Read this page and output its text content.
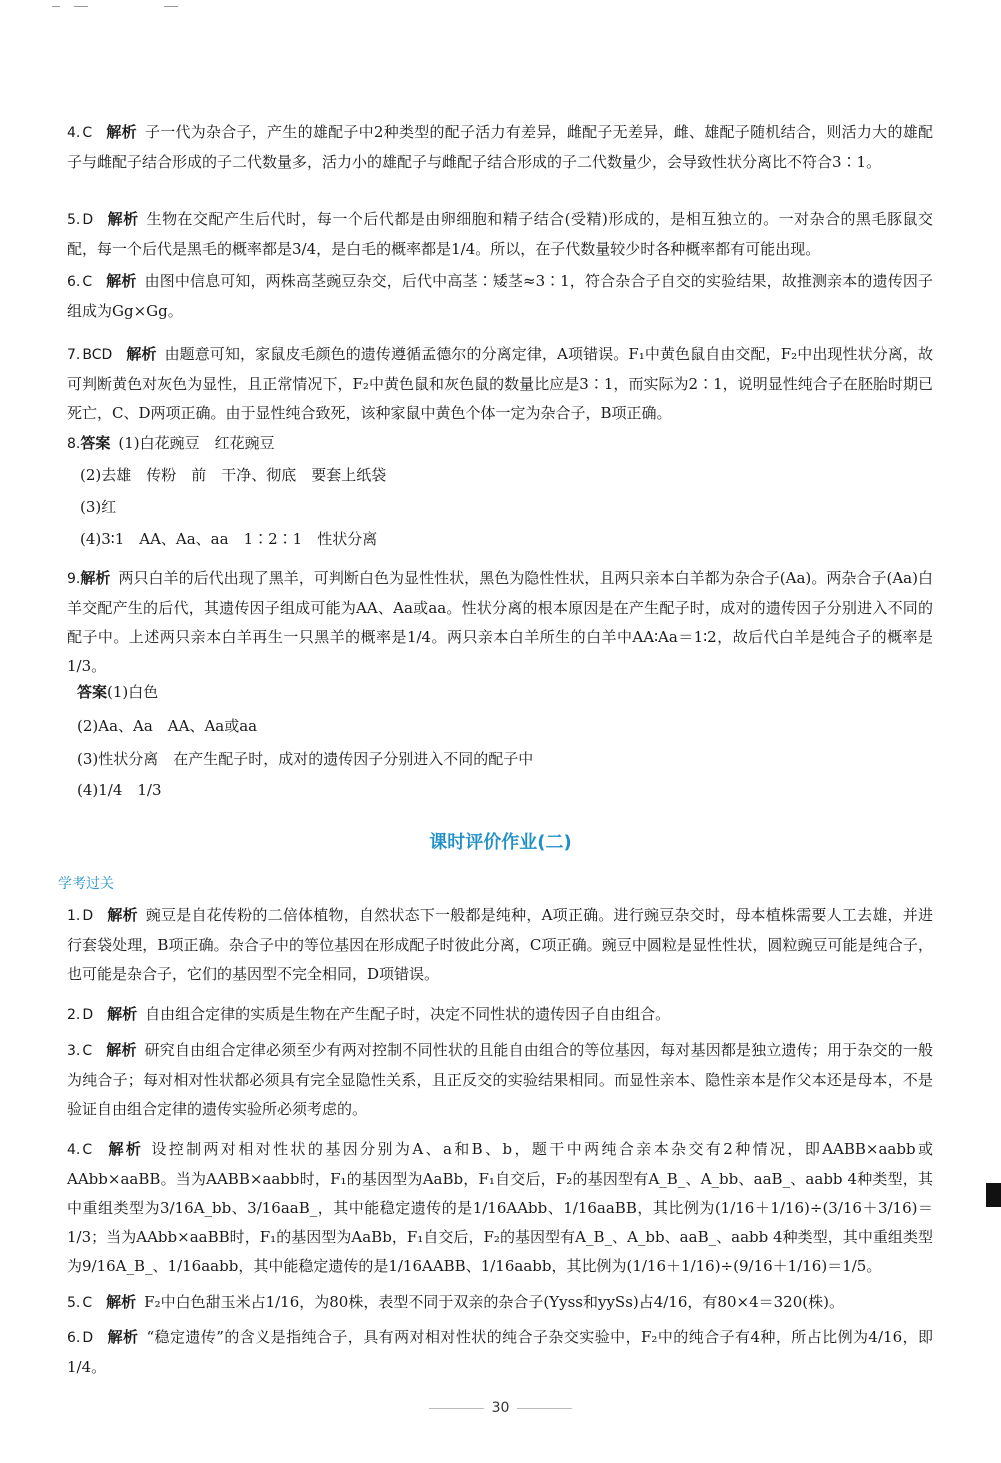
4. C 解析 子一代为杂合子，产生的雄配子中2种类型的配子活力有差异，雌配子无差异，雌、雄配子随机结合，则活力大的雄配子与雌配子结合形成的子二代数量多，活力小的雄配子与雌配子结合形成的子二代数量少，会导致性状分离比不符合3∶1。
5. D 解析 生物在交配产生后代时，每一个后代都是由卵细胞和精子结合(受精)形成的，是相互独立的。一对杂合的黑毛豚鼠交配，每一个后代是黑毛的概率都是3/4，是白毛的概率都是1/4。所以，在子代数量较少时各种概率都有可能出现。
6. C 解析 由图中信息可知，两株高茎豌豆杂交，后代中高茎∶矮茎≈3∶1，符合杂合子自交的实验结果，故推测亲本的遗传因子组成为Gg×Gg。
7. BCD 解析 由题意可知，家鼠皮毛颜色的遗传遵循孟德尔的分离定律，A项错误。F₁中黄色鼠自由交配，F₂中出现性状分离，故可判断黄色对灰色为显性，且正常情况下，F₂中黄色鼠和灰色鼠的数量比应是3∶1，而实际为2∶1，说明显性纯合子在胚胎时期已死亡，C、D两项正确。由于显性纯合致死，该种家鼠中黄色个体一定为杂合子，B项正确。
8.答案 (1)白花豌豆　红花豌豆
(2)去雄　传粉　前　干净、彻底　要套上纸袋
(3)红
(4)3∶1　AA、Aa、aa　1∶2∶1　性状分离
9.解析 两只白羊的后代出现了黑羊，可判断白色为显性性状，黑色为隐性性状，且两只亲本白羊都为杂合子(Aa)。两杂合子(Aa)白羊交配产生的后代，其遗传因子组成可能为AA、Aa或aa。性状分离的根本原因是在产生配子时，成对的遗传因子分别进入不同的配子中。上述两只亲本白羊再生一只黑羊的概率是1/4。两只亲本白羊所生的白羊中AA∶Aa＝1∶2，故后代白羊是纯合子的概率是1/3。
答案(1)白色
(2)Aa、Aa　AA、Aa或aa
(3)性状分离　在产生配子时，成对的遗传因子分别进入不同的配子中
(4)1/4　1/3
课时评价作业(二)
学考过关
1. D 解析 豌豆是自花传粉的二倍体植物，自然状态下一般都是纯种，A项正确。进行豌豆杂交时，母本植株需要人工去雄，并进行套袋处理，B项正确。杂合子中的等位基因在形成配子时彼此分离，C项正确。豌豆中圆粒是显性性状，圆粒豌豆可能是纯合子，也可能是杂合子，它们的基因型不完全相同，D项错误。
2. D 解析 自由组合定律的实质是生物在产生配子时，决定不同性状的遗传因子自由组合。
3. C 解析 研究自由组合定律必须至少有两对控制不同性状的且能自由组合的等位基因，每对基因都是独立遗传；用于杂交的一般为纯合子；每对相对性状都必须具有完全显隐性关系，且正反交的实验结果相同。而显性亲本、隐性亲本是作父本还是母本，不是验证自由组合定律的遗传实验所必须考虑的。
4. C 解析 设控制两对相对性状的基因分别为A、a和B、b，题干中两纯合亲本杂交有2种情况，即AABB×aabb或AAbb×aaBB。当为AABB×aabb时，F₁的基因型为AaBb，F₁自交后，F₂的基因型有A_B_、A_bb、aaB_、aabb 4种类型，其中重组类型为3/16A_bb、3/16aaB_，其中能稳定遗传的是1/16AAbb、1/16aaBB，其比例为(1/16＋1/16)÷(3/16＋3/16)＝1/3；当为AAbb×aaBB时，F₁的基因型为AaBb，F₁自交后，F₂的基因型有A_B_、A_bb、aaB_、aabb 4种类型，其中重组类型为9/16A_B_、1/16aabb，其中能稳定遗传的是1/16AABB、1/16aabb，其比例为(1/16＋1/16)÷(9/16＋1/16)＝1/5。
5. C 解析 F₂中白色甜玉米占1/16，为80株，表型不同于双亲的杂合子(Yyss和yySs)占4/16，有80×4＝320(株)。
6. D 解析 “稳定遗传”的含义是指纯合子，具有两对相对性状的纯合子杂交实验中，F₂中的纯合子有4种，所占比例为4/16，即1/4。
30
